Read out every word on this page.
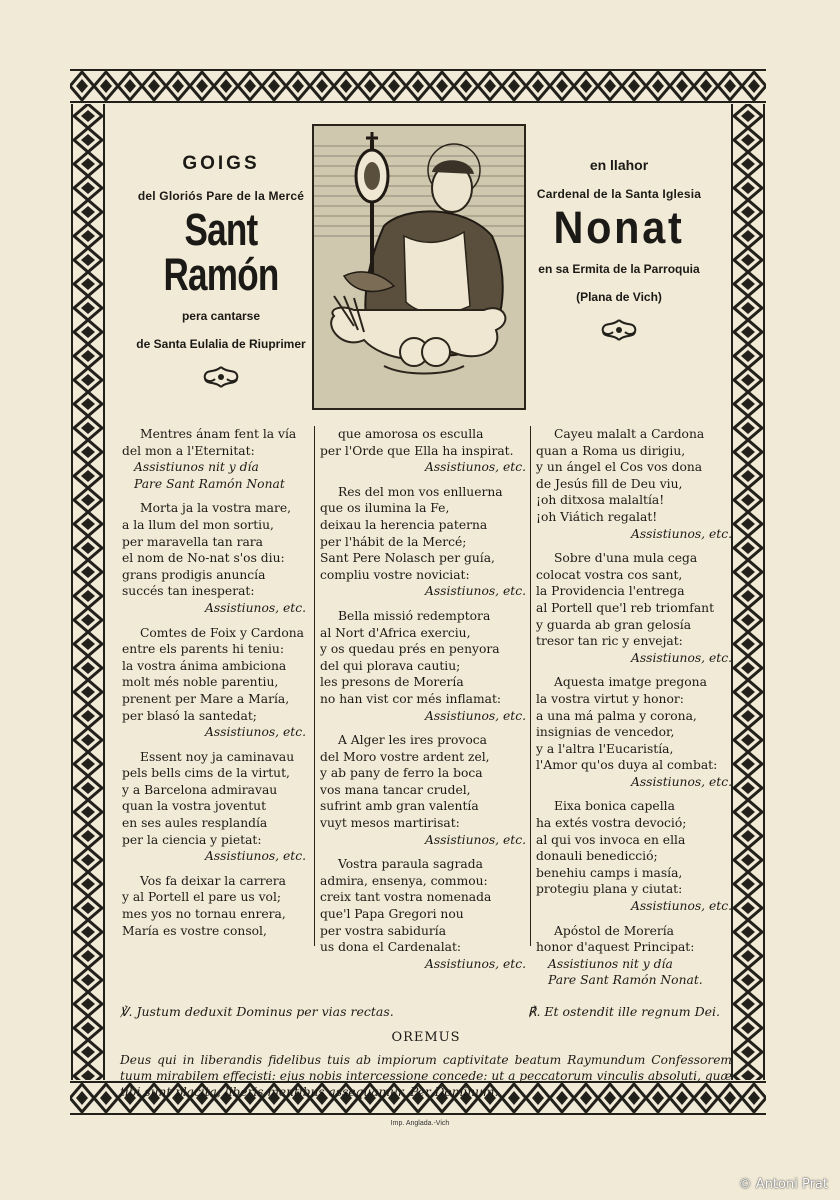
GOIGS
del Gloriós Pare de la Mercé
Sant Ramón
pera cantarse
de Santa Eulalia de Riuprimer
en llahor
Cardenal de la Santa Iglesia
Nonat
en sa Ermita de la Parroquia
(Plana de Vich)

Mentres ánam fent la vía

del mon a l'Eternitat:

Assistiunos nit y día

Pare Sant Ramón Nonat

Morta ja la vostra mare,

a la llum del mon sortiu,

per maravella tan rara

el nom de No-nat s'os diu:

grans prodigis anuncía

succés tan inesperat:

Assistiunos, etc.

Comtes de Foix y Cardona

entre els parents hi teniu:

la vostra ánima ambiciona

molt més noble parentiu,

prenent per Mare a María,

per blasó la santedat;

Assistiunos, etc.

Essent noy ja caminavau

pels bells cims de la virtut,

y a Barcelona admiravau

quan la vostra joventut

en ses aules resplandía

per la ciencia y pietat:

Assistiunos, etc.

Vos fa deixar la carrera

y al Portell el pare us vol;

mes yos no tornau enrera,

María es vostre consol,

que amorosa os esculla

per l'Orde que Ella ha inspirat.

Assistiunos, etc.

Res del mon vos enlluerna

que os ilumina la Fe,

deixau la herencia paterna

per l'hábit de la Mercé;

Sant Pere Nolasch per guía,

compliu vostre noviciat:

Assistiunos, etc.

Bella missió redemptora

al Nort d'Africa exerciu,

y os quedau prés en penyora

del qui plorava cautiu;

les presons de Morería

no han vist cor més inflamat:

Assistiunos, etc.

A Alger les ires provoca

del Moro vostre ardent zel,

y ab pany de ferro la boca

vos mana tancar crudel,

sufrint amb gran valentía

vuyt mesos martirisat:

Assistiunos, etc.

Vostra paraula sagrada

admira, ensenya, commou:

creix tant vostra nomenada

que'l Papa Gregori nou

per vostra sabiduría

us dona el Cardenalat:

Assistiunos, etc.

Cayeu malalt a Cardona

quan a Roma us dirigiu,

y un ángel el Cos vos dona

de Jesús fill de Deu viu,

¡oh ditxosa malaltía!

¡oh Viátich regalat!

Assistiunos, etc.

Sobre d'una mula cega

colocat vostra cos sant,

la Providencia l'entrega

al Portell que'l reb triomfant

y guarda ab gran gelosía

tresor tan ric y envejat:

Assistiunos, etc.

Aquesta imatge pregona

la vostra virtut y honor:

a una má palma y corona,

insignias de vencedor,

y a l'altra l'Eucaristía,

l'Amor qu'os duya al combat:

Assistiunos, etc.

Eixa bonica capella

ha extés vostra devoció;

al qui vos invoca en ella

donauli benedicció;

benehiu camps i masía,

protegiu plana y ciutat:

Assistiunos, etc.

Apóstol de Morería

honor d'aquest Principat:

Assistiunos nit y día

Pare Sant Ramón Nonat.

℣. Justum deduxit Dominus per vias rectas.	℟. Et ostendit ille regnum Dei.
OREMUS

Deus qui in liberandis fidelibus tuis ab impiorum captivitate beatum Raymundum Confessorem tuum mirabilem effecisti: ejus nobis intercessione concede: ut a peccatorum vinculis absoluti, quæ tibi sunt placita, liberis mentibus assequamur. Per Dominum.

Imp. Anglada.-Vich
© Antoni Prat
